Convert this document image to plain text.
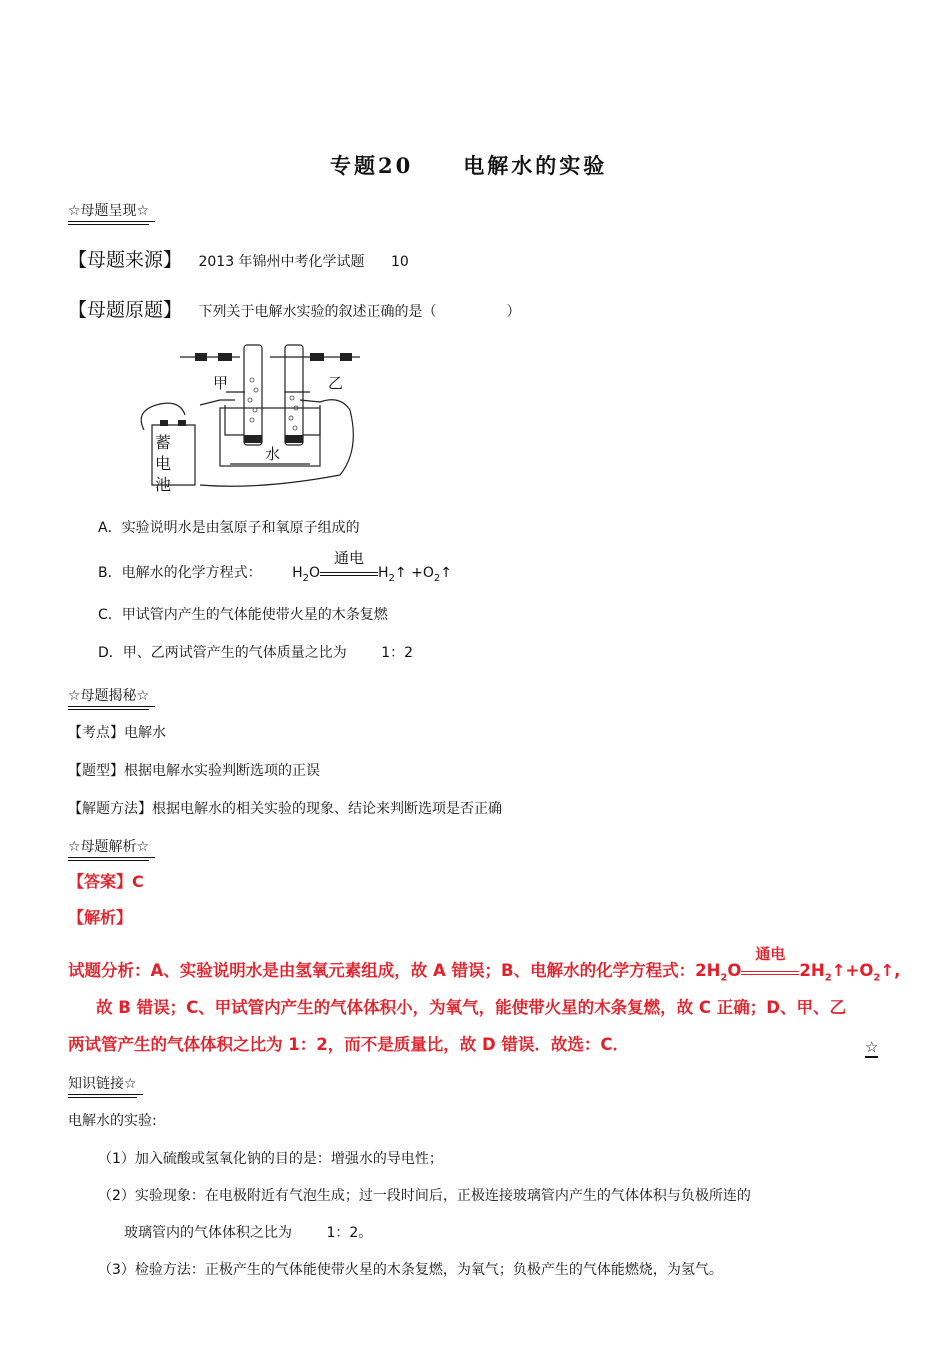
专题20 电解水的实验
☆母题呈现☆
【母题来源】 2013 年锦州中考化学试题 10
【母题原题】 下列关于电解水实验的叙述正确的是（	）
甲	乙
水
蓄
电
池
A．实验说明水是由氢原子和氧原子组成的
B．电解水的化学方程式： $H_2O$
通电
$H_2↑$ $+O_2↑$
C．甲试管内产生的气体能使带火星的木条复燃
D．甲、乙两试管产生的气体质量之比为 1：2
☆母题揭秘☆
【考点】电解水
【题型】根据电解水实验判断选项的正误
【解题方法】根据电解水的相关实验的现象、结论来判断选项是否正确
☆母题解析☆
【答案】C
【解析】
试题分析：A、实验说明水是由氢氧元素组成，故 A 错误；B、电解水的化学方程式：$2H_2O$
通电
$2H_2↑+O_2↑$,
故 B 错误；C、甲试管内产生的气体体积小，为氧气，能使带火星的木条复燃，故 C 正确；D、甲、乙
两试管产生的气体体积之比为 1：2，而不是质量比，故 D 错误．故选：C．	☆
知识链接☆
电解水的实验:
（1）加入硫酸或氢氧化钠的目的是：增强水的导电性；
（2）实验现象：在电极附近有气泡生成；过一段时间后，正极连接玻璃管内产生的气体体积与负极所连的
玻璃管内的气体体积之比为 1：2。
（3）检验方法：正极产生的气体能使带火星的木条复燃，为氧气；负极产生的气体能燃烧，为氢气。
